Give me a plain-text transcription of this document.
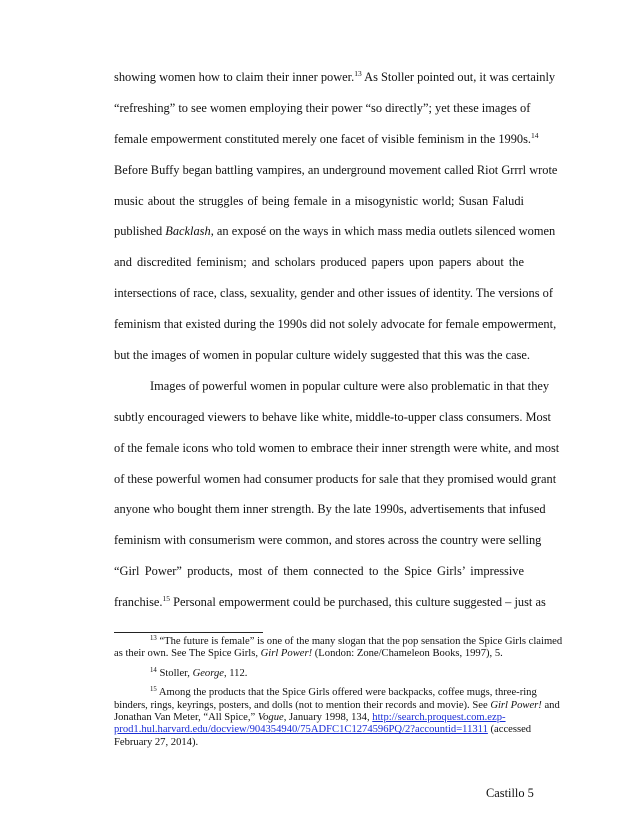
showing women how to claim their inner power.$^{13}$ As Stoller pointed out, it was certainly
“refreshing” to see women employing their power “so directly”; yet these images of
female empowerment constituted merely one facet of visible feminism in the 1990s.$^{14}$
Before Buffy began battling vampires, an underground movement called Riot Grrrl wrote
music about the struggles of being female in a misogynistic world; Susan Faludi
published Backlash, an exposé on the ways in which mass media outlets silenced women
and discredited feminism; and scholars produced papers upon papers about the
intersections of race, class, sexuality, gender and other issues of identity. The versions of
feminism that existed during the 1990s did not solely advocate for female empowerment,
but the images of women in popular culture widely suggested that this was the case.
Images of powerful women in popular culture were also problematic in that they
subtly encouraged viewers to behave like white, middle-to-upper class consumers. Most
of the female icons who told women to embrace their inner strength were white, and most
of these powerful women had consumer products for sale that they promised would grant
anyone who bought them inner strength. By the late 1990s, advertisements that infused
feminism with consumerism were common, and stores across the country were selling
“Girl Power” products, most of them connected to the Spice Girls’ impressive
franchise.$^{15}$ Personal empowerment could be purchased, this culture suggested – just as
$^{13}$ “The future is female” is one of the many slogan that the pop sensation the Spice Girls claimed
as their own. See The Spice Girls, Girl Power! (London: Zone/Chameleon Books, 1997), 5.
$^{14}$ Stoller, George, 112.
$^{15}$ Among the products that the Spice Girls offered were backpacks, coffee mugs, three-ring
binders, rings, keyrings, posters, and dolls (not to mention their records and movie). See Girl Power! and
Jonathan Van Meter, “All Spice,” Vogue, January 1998, 134, http://search.proquest.com.ezp-
prod1.hul.harvard.edu/docview/904354940/75ADFC1C1274596PQ/2?accountid=11311 (accessed
February 27, 2014).
Castillo 5
